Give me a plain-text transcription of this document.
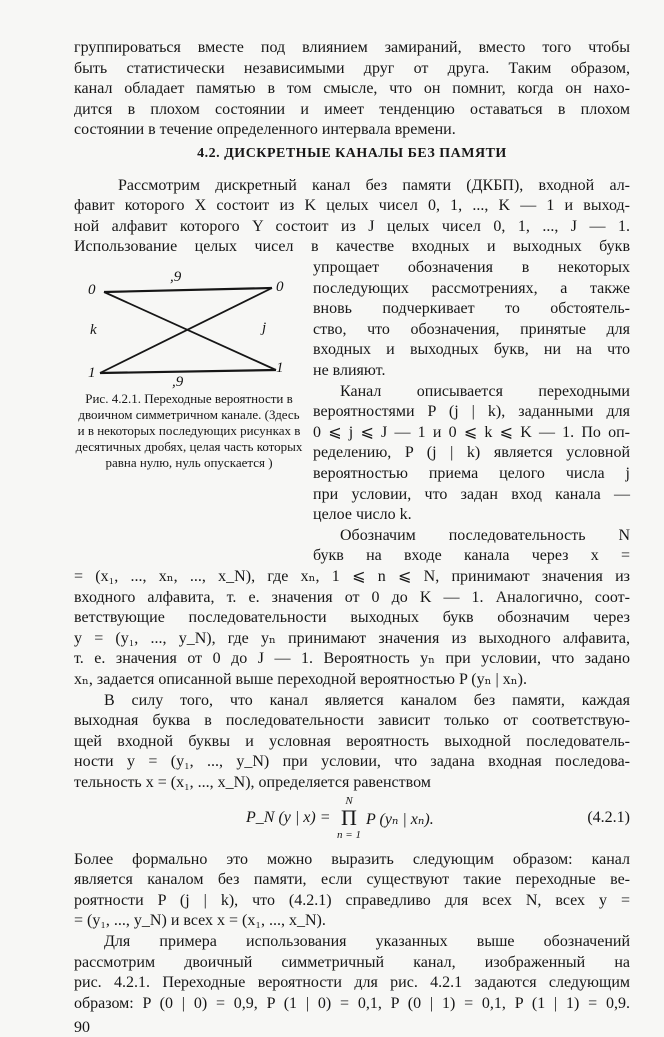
группироваться вместе под влиянием замираний, вместо того чтобы
быть статистически независимыми друг от друга. Таким образом,
канал обладает памятью в том смысле, что он помнит, когда он нахо-
дится в плохом состоянии и имеет тенденцию оставаться в плохом
состоянии в течение определенного интервала времени.
4.2. ДИСКРЕТНЫЕ КАНАЛЫ БЕЗ ПАМЯТИ
Рассмотрим дискретный канал без памяти (ДКБП), входной ал-
фавит которого X состоит из K целых чисел 0, 1, ..., K — 1 и выход-
ной алфавит которого Y состоит из J целых чисел 0, 1, ..., J — 1.
Использование целых чисел в качестве входных и выходных букв
0	0
1	1
,9
,9
k	j
Рис. 4.2.1. Переходные вероятности в двоичном симметричном канале. (Здесь и в некоторых последующих рисунках в десятичных дробях, целая часть которых равна нулю, нуль опускается )
упрощает обозначения в некоторых
последующих рассмотрениях, а также
вновь подчеркивает то обстоятель-
ство, что обозначения, принятые для
входных и выходных букв, ни на что
не влияют.
Канал описывается переходными
вероятностями P (j | k), заданными для
0 ⩽ j ⩽ J — 1 и 0 ⩽ k ⩽ K — 1. По оп-
ределению, P (j | k) является условной
вероятностью приема целого числа j
при условии, что задан вход канала —
целое число k.
Обозначим последовательность N
букв на входе канала через x =
= (x₁, ..., xₙ, ..., x_N), где xₙ, 1 ⩽ n ⩽ N, принимают значения из
входного алфавита, т. е. значения от 0 до K — 1. Аналогично, соот-
ветствующие последовательности выходных букв обозначим через
y = (y₁, ..., y_N), где yₙ принимают значения из выходного алфавита,
т. е. значения от 0 до J — 1. Вероятность yₙ при условии, что задано
xₙ, задается описанной выше переходной вероятностью P (yₙ | xₙ).
В силу того, что канал является каналом без памяти, каждая
выходная буква в последовательности зависит только от соответствую-
щей входной буквы и условная вероятность выходной последователь-
ности y = (y₁, ..., y_N) при условии, что задана входная последова-
тельность x = (x₁, ..., x_N), определяется равенством
P_N (y | x) =
N
Π
n = 1
P (yₙ | xₙ).	(4.2.1)
Более формально это можно выразить следующим образом: канал
является каналом без памяти, если существуют такие переходные ве-
роятности P (j | k), что (4.2.1) справедливо для всех N, всех y =
= (y₁, ..., y_N) и всех x = (x₁, ..., x_N).
Для примера использования указанных выше обозначений
рассмотрим двоичный симметричный канал, изображенный на
рис. 4.2.1. Переходные вероятности для рис. 4.2.1 задаются следующим
образом: P (0 | 0) = 0,9, P (1 | 0) = 0,1, P (0 | 1) = 0,1, P (1 | 1) = 0,9.
90
